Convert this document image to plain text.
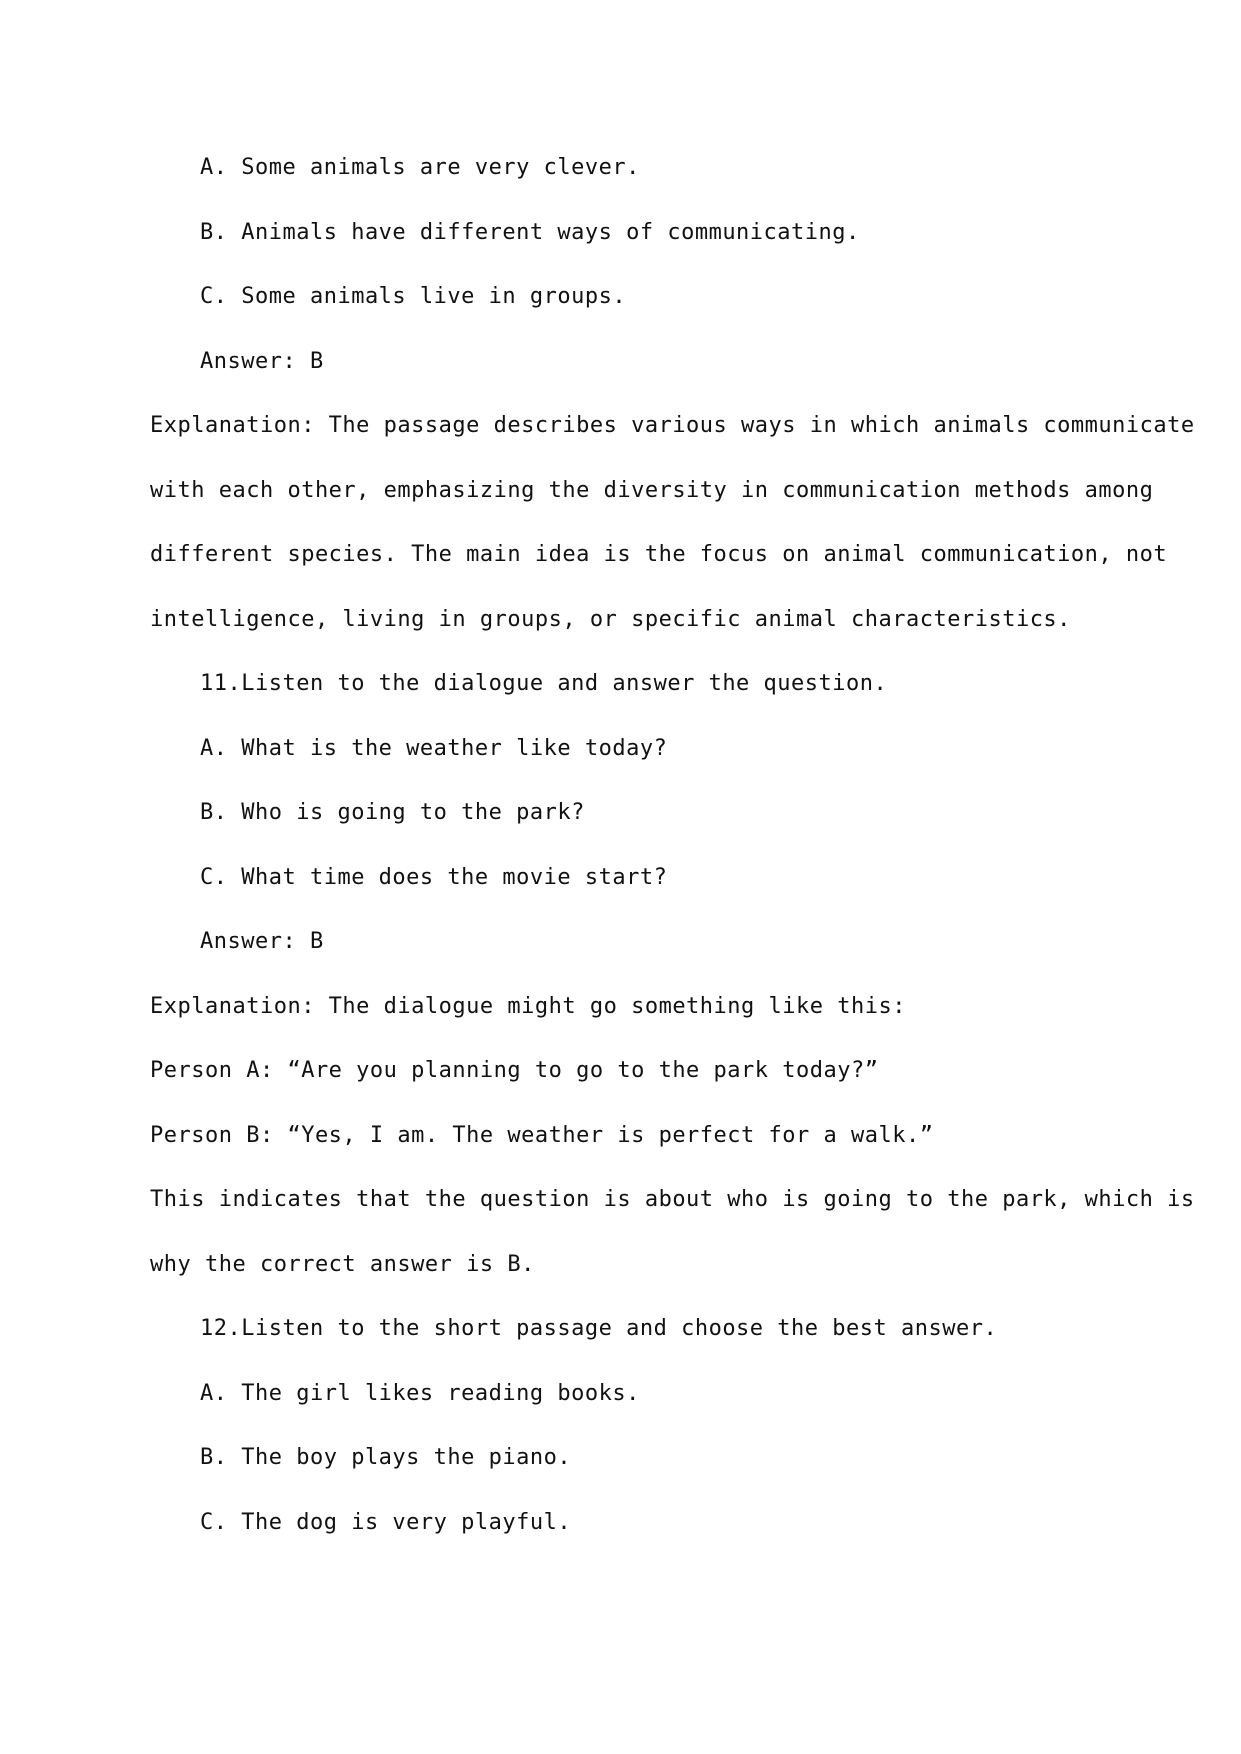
A. Some animals are very clever.
B. Animals have different ways of communicating.
C. Some animals live in groups.
Answer: B
Explanation: The passage describes various ways in which animals communicate
with each other, emphasizing the diversity in communication methods among
different species. The main idea is the focus on animal communication, not
intelligence, living in groups, or specific animal characteristics.
11.Listen to the dialogue and answer the question.
A. What is the weather like today?
B. Who is going to the park?
C. What time does the movie start?
Answer: B
Explanation: The dialogue might go something like this:
Person A: “Are you planning to go to the park today?”
Person B: “Yes, I am. The weather is perfect for a walk.”
This indicates that the question is about who is going to the park, which is
why the correct answer is B.
12.Listen to the short passage and choose the best answer.
A. The girl likes reading books.
B. The boy plays the piano.
C. The dog is very playful.
